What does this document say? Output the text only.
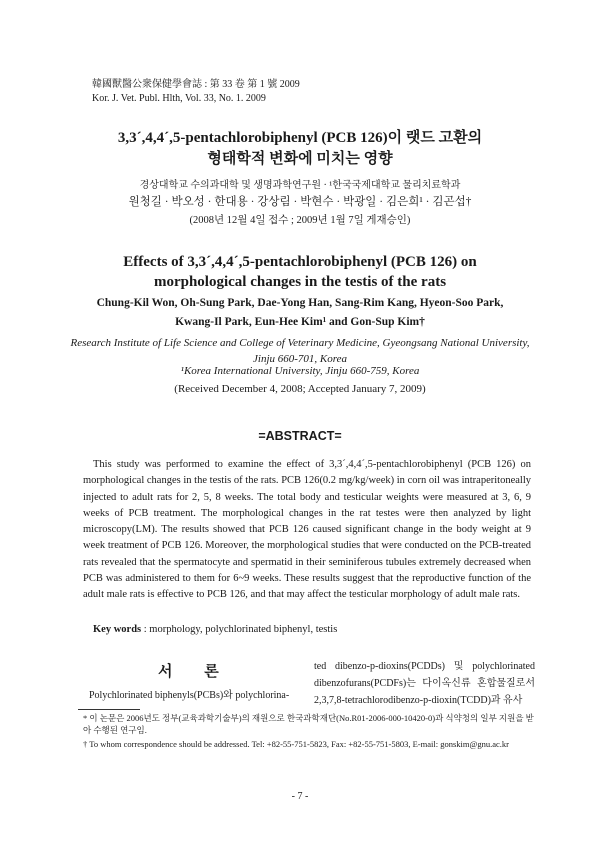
韓國獸醫公衆保健學會誌 : 第 33 卷 第 1 號 2009
Kor. J. Vet. Publ. Hlth, Vol. 33, No. 1. 2009
3,3´,4,4´,5-pentachlorobiphenyl (PCB 126)이 랫드 고환의
형태학적 변화에 미치는 영향
경상대학교 수의과대학 및 생명과학연구원 · ¹한국국제대학교 물리치료학과
원청길 · 박오성 · 한대용 · 강상림 · 박현수 · 박광일 · 김은희¹ · 김곤섭†
(2008년 12월 4일 접수 ; 2009년 1월 7일 게재승인)
Effects of 3,3´,4,4´,5-pentachlorobiphenyl (PCB 126) on
morphological changes in the testis of the rats
Chung-Kil Won, Oh-Sung Park, Dae-Yong Han, Sang-Rim Kang, Hyeon-Soo Park,
Kwang-Il Park, Eun-Hee Kim¹ and Gon-Sup Kim†
Research Institute of Life Science and College of Veterinary Medicine, Gyeongsang National University,
Jinju 660-701, Korea
¹Korea International University, Jinju 660-759, Korea
(Received December 4, 2008; Accepted January 7, 2009)
=ABSTRACT=
This study was performed to examine the effect of 3,3´,4,4´,5-pentachlorobiphenyl (PCB 126) on morphological changes in the testis of the rats. PCB 126(0.2 mg/kg/week) in corn oil was intraperitoneally injected to adult rats for 2, 5, 8 weeks. The total body and testicular weights were measured at 3, 6, 9 weeks of PCB treatment. The morphological changes in the rat testes were then analyzed by light microscopy(LM). The results showed that PCB 126 caused significant change in the body weight at 9 week treatment of PCB 126. Moreover, the morphological studies that were conducted on the PCB-treated rats revealed that the spermatocyte and spermatid in their seminiferous tubules extremely decreased when PCB was administered to them for 6~9 weeks. These results suggest that the reproductive function of the adult male rats is effective to PCB 126, and that may affect the testicular morphology of adult male rats.
Key words : morphology, polychlorinated biphenyl, testis
서 론
Polychlorinated biphenyls(PCBs)와 polychlorina-
ted dibenzo-p-dioxins(PCDDs) 및 polychlorinated dibenzofurans(PCDFs)는 다이옥신류 혼합물질로서 2,3,7,8-tetrachlorodibenzo-p-dioxin(TCDD)과 유사
* 이 논문은 2006년도 정부(교육과학기술부)의 재원으로 한국과학재단(No.R01-2006-000-10420-0)과 식약청의 일부 지원을 받아 수행된 연구임.
† To whom correspondence should be addressed. Tel: +82-55-751-5823, Fax: +82-55-751-5803, E-mail: gonskim@gnu.ac.kr
- 7 -
